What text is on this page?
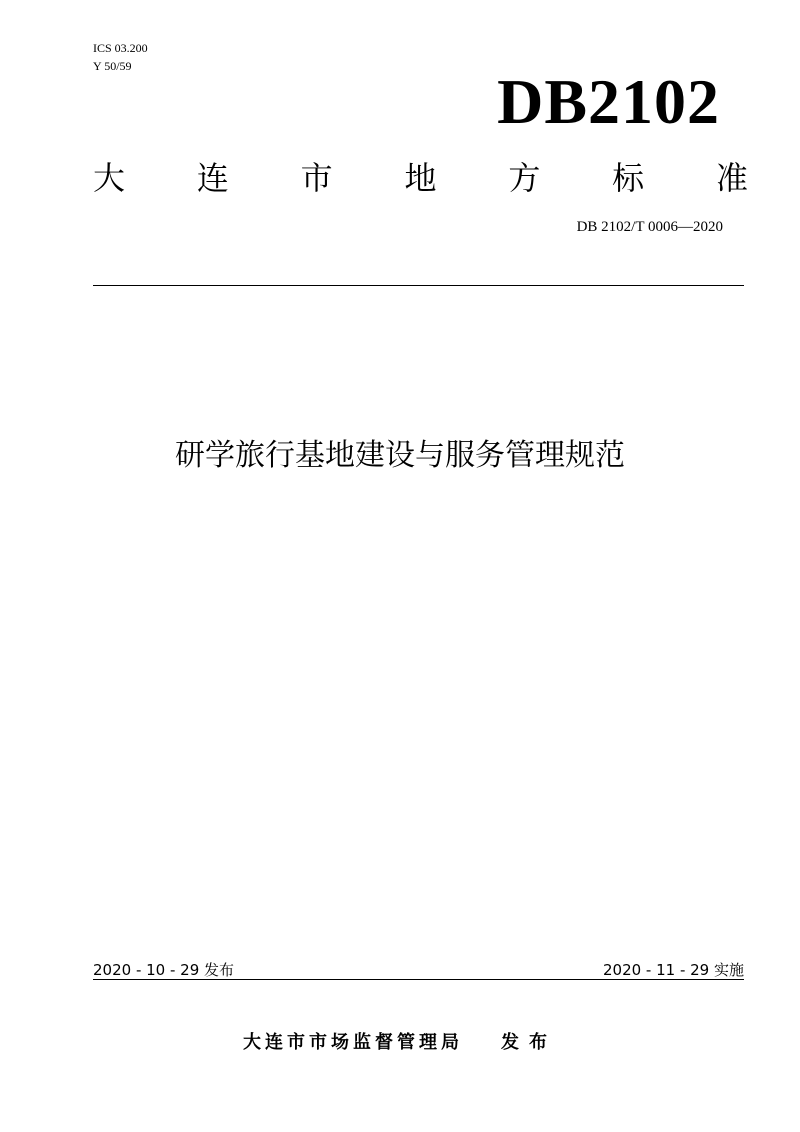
ICS 03.200
Y 50/59	DB2102
大 连 市 地 方 标 准
DB 2102/T 0006—2020
研学旅行基地建设与服务管理规范
2020 - 10 - 29 发布	2020 - 11 - 29 实施
大连市市场监督管理局 发布
